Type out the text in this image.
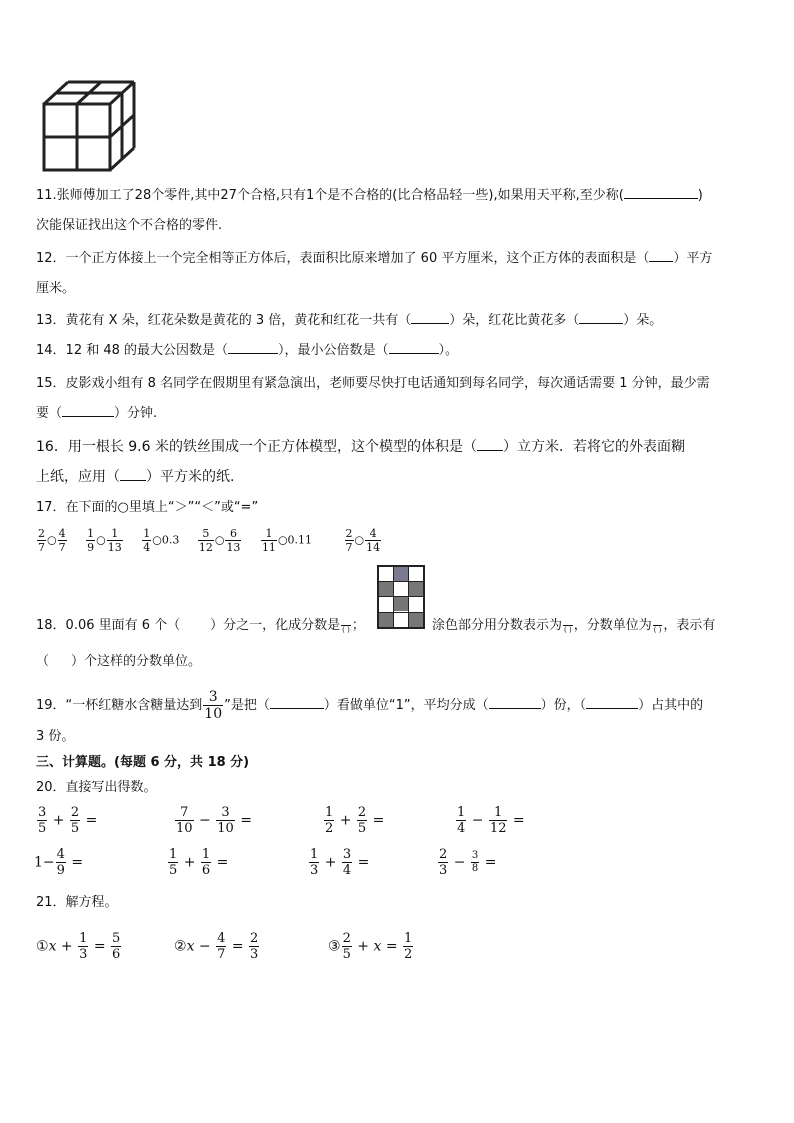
11.张师傅加工了28个零件,其中27个合格,只有1个是不合格的(比合格品轻一些),如果用天平称,至少称(	)
次能保证找出这个不合格的零件.
12．一个正方体接上一个完全相等正方体后，表面积比原来增加了 60 平方厘米，这个正方体的表面积是（ ）平方
厘米。
13．黄花有 X 朵，红花朵数是黄花的 3 倍，黄花和红花一共有（	）朵，红花比黄花多（	）朵。
14．12 和 48 的最大公因数是（	），最小公倍数是（	）。
15．皮影戏小组有 8 名同学在假期里有紧急演出，老师要尽快打电话通知到每名同学，每次通话需要 1 分钟，最少需
要（	）分钟.
16．用一根长 9.6 米的铁丝围成一个正方体模型，这个模型的体积是（ ）立方米．若将它的外表面糊
上纸，应用（ ）平方米的纸.
17．在下面的○里填上“＞”“＜”或“=”
$\frac{2}{7}$ ○ $\frac{4}{7}$
$\frac{1}{9}$ ○ $\frac{1}{13}$
$\frac{1}{4}$ ○0.3 $\frac{5}{12}$ ○ $\frac{6}{13}$
$\frac{1}{11}$ ○0.11	$\frac{2}{7}$ ○ $\frac{4}{14}$
18．0.06 里面有 6 个（ ）分之一，化成分数是
( ) ；	涂色部分用分数表示为
( ) ，分数单位为
( ) ，表示有
（ ）个这样的分数单位。
19．“一杯红糖水含糖量达到 $\frac{3}{10}$ ”是把（	）看做单位“1”，平均分成（	）份，（	）占其中的
3 份。
三、计算题。(每题 6 分，共 18 分)
20．直接写出得数。
$\frac{3}{5} + \frac{2}{5}$ =	$\frac{7}{10} - \frac{3}{10}$ =	$\frac{1}{2} + \frac{2}{5}$ =	$\frac{1}{4} - \frac{1}{12}$ =
$1- \frac{4}{9}$ =	$\frac{1}{5} + \frac{1}{6}$ =	$\frac{1}{3} + \frac{3}{4}$ =	$\frac{2}{3} - \frac{3}{8}$ =
21．解方程。
①x + $\frac{1}{3} = \frac{5}{6}$	②x − $\frac{4}{7} = \frac{2}{3}$	③ $\frac{2}{5} + x = \frac{1}{2}$
